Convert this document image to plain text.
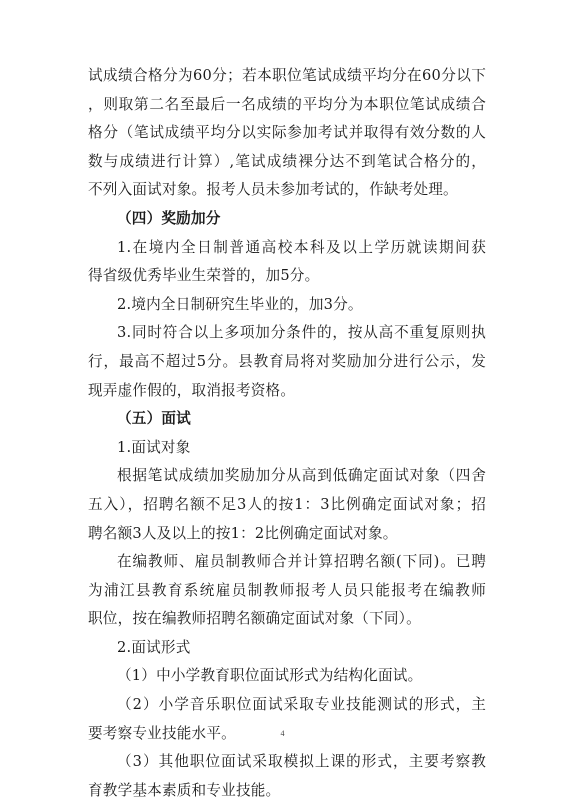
试成绩合格分为60分；若本职位笔试成绩平均分在60分以下
，则取第二名至最后一名成绩的平均分为本职位笔试成绩合
格分（笔试成绩平均分以实际参加考试并取得有效分数的人
数与成绩进行计算）,笔试成绩裸分达不到笔试合格分的，
不列入面试对象。报考人员未参加考试的，作缺考处理。
（四）奖励加分
1.在境内全日制普通高校本科及以上学历就读期间获
得省级优秀毕业生荣誉的，加5分。
2.境内全日制研究生毕业的，加3分。
3.同时符合以上多项加分条件的，按从高不重复原则执
行，最高不超过5分。县教育局将对奖励加分进行公示，发
现弄虚作假的，取消报考资格。
（五）面试
1.面试对象
根据笔试成绩加奖励加分从高到低确定面试对象（四舍
五入），招聘名额不足3人的按1：3比例确定面试对象；招
聘名额3人及以上的按1：2比例确定面试对象。
在编教师、雇员制教师合并计算招聘名额(下同)。已聘
为浦江县教育系统雇员制教师报考人员只能报考在编教师
职位，按在编教师招聘名额确定面试对象（下同）。
2.面试形式
（1）中小学教育职位面试形式为结构化面试。
（2）小学音乐职位面试采取专业技能测试的形式，主
要考察专业技能水平。
（3）其他职位面试采取模拟上课的形式，主要考察教
育教学基本素质和专业技能。
4
